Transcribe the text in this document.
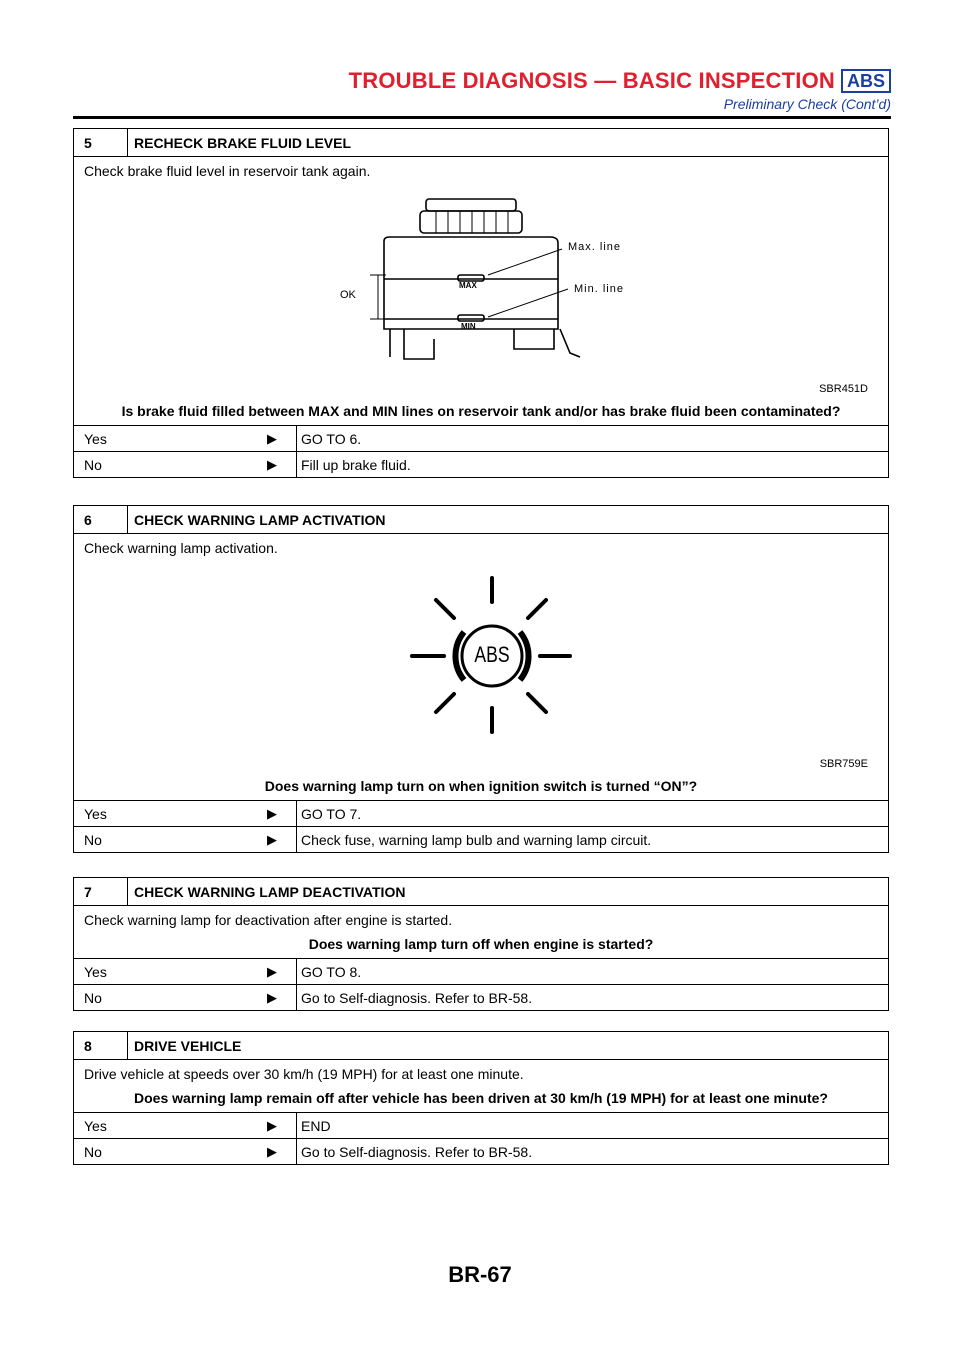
TROUBLE DIAGNOSIS — BASIC INSPECTION ABS
Preliminary Check (Cont’d)
5	RECHECK BRAKE FLUID LEVEL
Check brake fluid level in reservoir tank again.
Max. line
Min. line
OK
MAX
MIN
SBR451D
Is brake fluid filled between MAX and MIN lines on reservoir tank and/or has brake fluid been contaminated?
Yes	▶	GO TO 6.
No	▶	Fill up brake fluid.
6	CHECK WARNING LAMP ACTIVATION
Check warning lamp activation.
ABS
SBR759E
Does warning lamp turn on when ignition switch is turned “ON”?
Yes	▶	GO TO 7.
No	▶	Check fuse, warning lamp bulb and warning lamp circuit.
7	CHECK WARNING LAMP DEACTIVATION
Check warning lamp for deactivation after engine is started.
Does warning lamp turn off when engine is started?
Yes	▶	GO TO 8.
No	▶	Go to Self-diagnosis. Refer to BR-58.
8	DRIVE VEHICLE
Drive vehicle at speeds over 30 km/h (19 MPH) for at least one minute.
Does warning lamp remain off after vehicle has been driven at 30 km/h (19 MPH) for at least one minute?
Yes	▶	END
No	▶	Go to Self-diagnosis. Refer to BR-58.
BR-67
